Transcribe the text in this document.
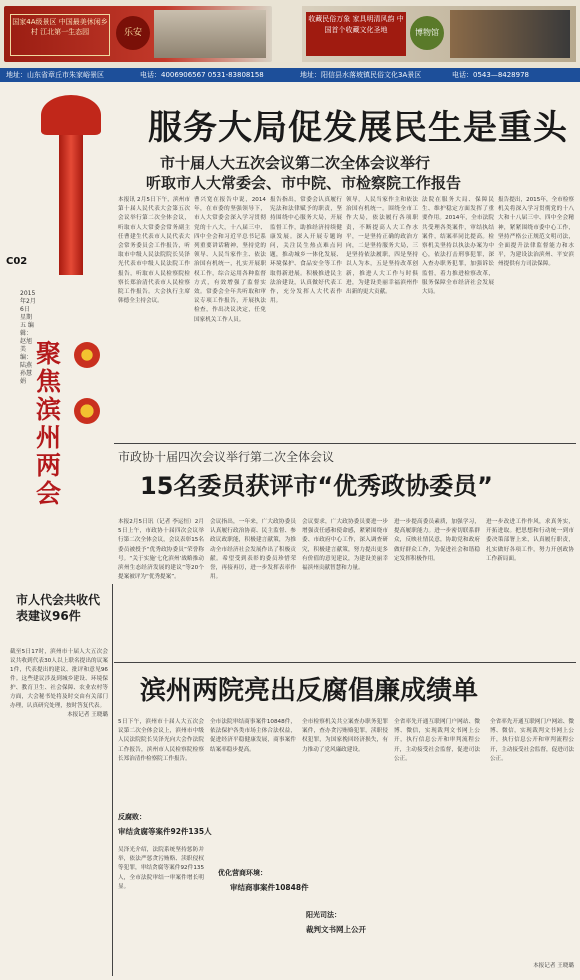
国家4A级景区 中国最美休闲乡村 江北第一生态园	乐安
收藏民俗万象 家具明清风韵 中国首个收藏文化圣地	博物馆
地址：山东省章丘市朱家峪景区	电话：4006906567 0531-83808158	地址：阳信县水落坡镇民俗文化3A景区	电话：0543—8428978
C02
2015年2月6日 星期五 编辑：赵旭 美编：陆燕 孙慧娟
聚焦滨州两会
服务大局促发展民生是重头
市十届人大五次会议第二次全体会议举行
听取市人大常委会、市中院、市检察院工作报告
本报讯 2月5日下午，滨州市第十届人民代表大会第五次会议举行第二次全体会议，听取市人大常委会常务副主任曹建生代表市人民代表大会常务委员会工作报告，听取市中级人民法院院长吴泽光代表市中级人民法院工作报告，听取市人民检察院检察长郑治清代表市人民检察院工作报告。大会执行主席韩德全主持会议。
曹兴宽在报告中说，2014年，在市委的坚强领导下，市人大常委会深入学习贯彻党的十八大，十八届三中、四中全会和习近平总书记系列重要讲话精神，坚持党的领导、人民当家作主、依法治国有机统一，扎实开展职权工作，综合运用各种监督方式，有效增强了监督实效。常委会全年共听取和审议专项工作报告，开展执法检查，作出决议决定，任免国家机关工作人员。
报告指出，常委会认真履行宪法和法律赋予的职责，坚持围绕中心服务大局，开展监督工作，助推经济持续健康发展。深入开展专题询问，关注民生热点难点问题，推动城乡一体化发展、环境保护、食品安全等工作取得新进展。积极推进民主法治建设，认真做好代表工作，充分发挥人大代表作用。
领导，人民当家作主和依法治国有机统一。围绕全市工作大局，依法履行各项职责，不断提高人大工作水平，一是坚持正确的政治方向，二是坚持服务大局，三是坚持依法履职，四是坚持以人为本，五是坚持改革创新，推进人大工作与时俱进，为建设美丽幸福滨州作出新的更大贡献。
法院在服务大局、保障民生、维护稳定方面发挥了重要作用。2014年，全市法院共受理各类案件，审结执结案件，结案率同比提高。检察机关坚持以执法办案为中心，依法打击刑事犯罪，深入查办职务犯罪，加强诉讼监督，着力推进检察改革，服务保障全市经济社会发展大局。
报告提出，2015年，全市检察机关将深入学习贯彻党的十八大和十八届三中、四中全会精神，紧紧围绕市委中心工作，坚持严格公正规范文明司法，全面提升法律监督能力和水平，为建设法治滨州、平安滨州提供有力司法保障。
市政协十届四次会议举行第二次全体会议
15名委员获评市“优秀政协委员”
本报2月5日讯（记者 李运恒）2月5日上午，市政协十届四次会议举行第二次全体会议，会议表彰15名委员被授予“优秀政协委员”荣誉称号。“关于实施‘七化滨州’战略推动滨州生态经济发展的建议”等20个提案被评为“优秀提案”。
会议指出，一年来，广大政协委员认真履行政治协商、民主监督、参政议政职能，积极建言献策，为推动全市经济社会发展作出了积极贡献。希望受到表彰的委员珍惜荣誉，再接再厉，进一步发挥表率作用。
会议要求，广大政协委员要进一步增强责任感和使命感，紧紧围绕市委、市政府中心工作，深入调查研究，积极建言献策，努力提出更多有价值的意见建议，为建设美丽幸福滨州贡献智慧和力量。
进一步提高委员素质，加强学习，提高履职能力。进一步密切联系群众，反映社情民意，协助党和政府做好群众工作，为促进社会和谐稳定发挥积极作用。
进一步改进工作作风，求真务实，开拓进取。把思想和行动统一到市委决策部署上来，认真履行职责，扎实做好各项工作，努力开创政协工作新局面。
市人代会共收代表建议96件
截至5日17时，滨州市十届人大五次会议共收到代表30人以上联名提出的议案1件，代表提出的建议、批评和意见96件。这些建议涉及到城乡建设、环境保护、教育卫生、社会保障、农业农村等方面，大会秘书处将及时交由有关部门办理，认真研究处理，按时答复代表。

本报记者 王晓璐
滨州两院亮出反腐倡廉成绩单
5日下午，滨州市十届人大五次会议第二次全体会议上，滨州市中级人民法院院长吴泽光向大会作法院工作报告，滨州市人民检察院检察长郑治清作检察院工作报告。
反腐败：
审结贪腐等案件92件135人
吴泽光介绍，法院系统坚持惩防并举，依法严惩贪污贿赂、渎职侵权等犯罪，审结贪腐等案件92件135人，全市法院审结一审案件增长明显。
全市法院审结商事案件10848件，依法保护各类市场主体合法权益，促进经济平稳健康发展，商事案件结案率稳步提高。
优化营商环境：
审结商事案件10848件
全市检察机关共立案查办职务犯罪案件，查办贪污贿赂犯罪，渎职侵权犯罪，为国家挽回经济损失，有力推动了党风廉政建设。
阳光司法：
裁判文书网上公开
全省率先开通互联网门户网站、微博、微信，实现裁判文书网上公开，执行信息公开和审判流程公开，主动接受社会监督，促进司法公正。
全省率先开通互联网门户网站、微博、微信，实现裁判文书网上公开，执行信息公开和审判流程公开，主动接受社会监督，促进司法公正。
本报记者 王晓璐
